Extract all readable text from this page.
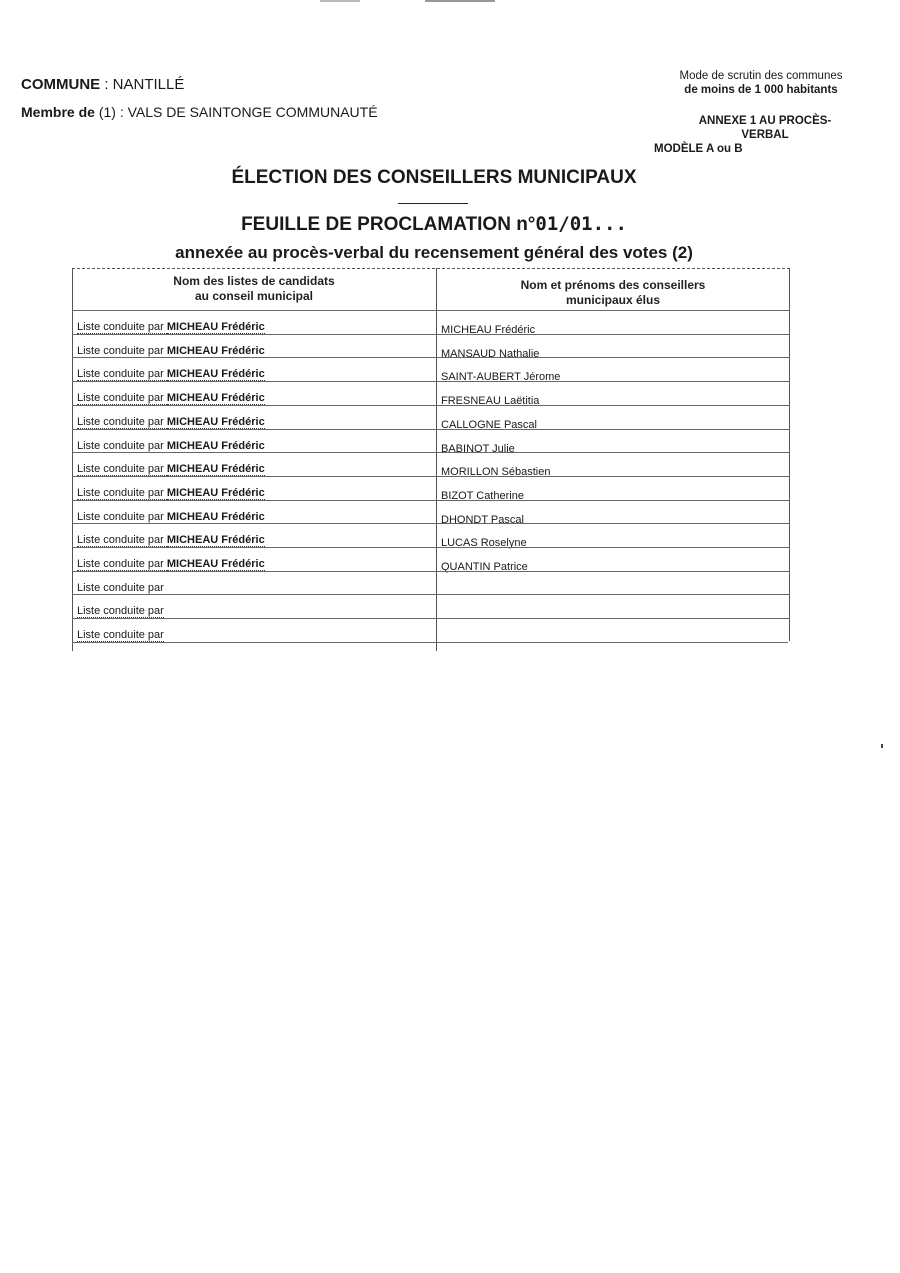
COMMUNE : NANTILLÉ
Membre de (1) : VALS DE SAINTONGE COMMUNAUTÉ
Mode de scrutin des communes
de moins de 1 000 habitants
ANNEXE 1 AU PROCÈS-
VERBAL
MODÈLE A ou B
ÉLECTION DES CONSEILLERS MUNICIPAUX
FEUILLE DE PROCLAMATION n°01/01...
annexée au procès-verbal du recensement général des votes (2)
Nom des listes de candidats
au conseil municipal
Nom et prénoms des conseillers
municipaux élus
Liste conduite par MICHEAU Frédéric	MICHEAU Frédéric
Liste conduite par MICHEAU Frédéric	MANSAUD Nathalie
Liste conduite par MICHEAU Frédéric	SAINT-AUBERT Jérome
Liste conduite par MICHEAU Frédéric	FRESNEAU Laëtitia
Liste conduite par MICHEAU Frédéric	CALLOGNE Pascal
Liste conduite par MICHEAU Frédéric	BABINOT Julie
Liste conduite par MICHEAU Frédéric	MORILLON Sébastien
Liste conduite par MICHEAU Frédéric	BIZOT Catherine
Liste conduite par MICHEAU Frédéric	DHONDT Pascal
Liste conduite par MICHEAU Frédéric	LUCAS Roselyne
Liste conduite par MICHEAU Frédéric	QUANTIN Patrice
Liste conduite par
Liste conduite par
Liste conduite par
